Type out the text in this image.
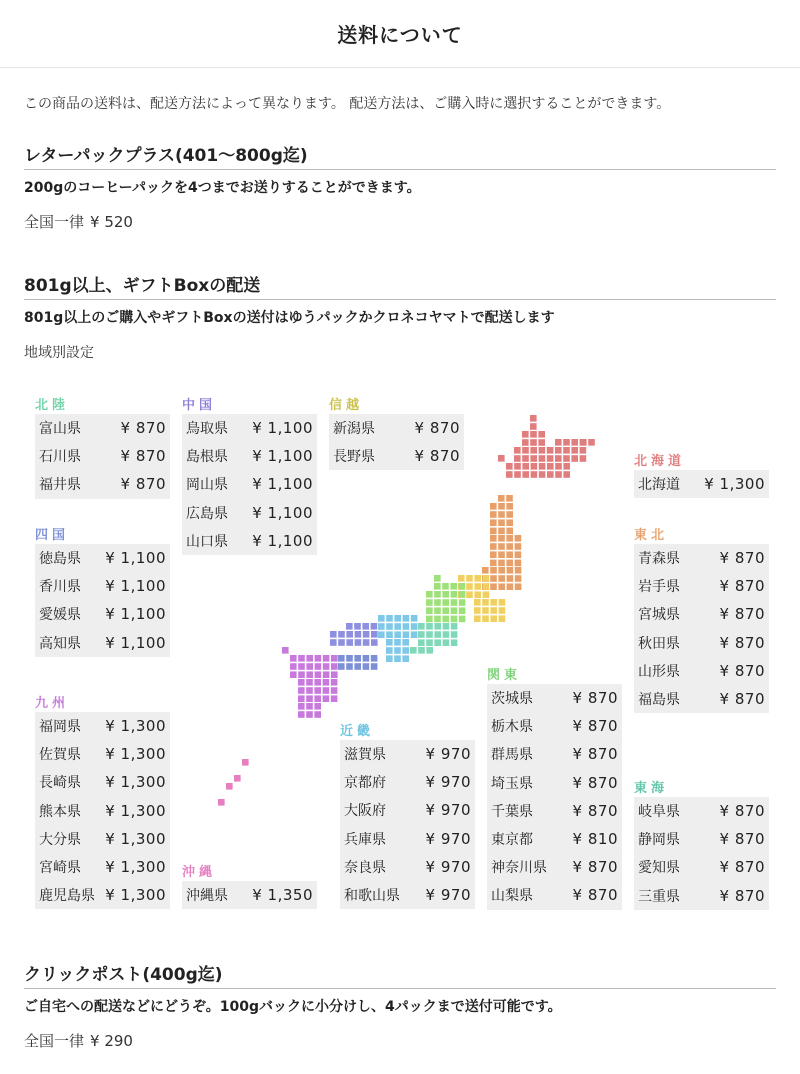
送料について
この商品の送料は、配送方法によって異なります。 配送方法は、ご購入時に選択することができます。
レターパックプラス(401〜800g迄)
200gのコーヒーパックを4つまでお送りすることができます。
全国一律 ¥ 520
801g以上、ギフトBoxの配送
801g以上のご購入やギフトBoxの送付はゆうパックかクロネコヤマトで配送します
地域別設定
北陸
富山県	¥ 870
石川県	¥ 870
福井県	¥ 870
四国
徳島県 ¥ 1,100
香川県 ¥ 1,100
愛媛県 ¥ 1,100
高知県 ¥ 1,100
九州
福岡県 ¥ 1,300
佐賀県 ¥ 1,300
長崎県 ¥ 1,300
熊本県 ¥ 1,300
大分県 ¥ 1,300
宮崎県 ¥ 1,300
鹿児島県 ¥ 1,300
中国
鳥取県 ¥ 1,100
島根県 ¥ 1,100
岡山県 ¥ 1,100
広島県 ¥ 1,100
山口県 ¥ 1,100
沖縄
沖縄県 ¥ 1,350
信越
新潟県	¥ 870
長野県	¥ 870
近畿
滋賀県	¥ 970
京都府	¥ 970
大阪府	¥ 970
兵庫県	¥ 970
奈良県	¥ 970
和歌山県 ¥ 970
関東
茨城県	¥ 870
栃木県	¥ 870
群馬県	¥ 870
埼玉県	¥ 870
千葉県	¥ 870
東京都	¥ 810
神奈川県 ¥ 870
山梨県	¥ 870
北海道
北海道 ¥ 1,300
東北
青森県	¥ 870
岩手県	¥ 870
宮城県	¥ 870
秋田県	¥ 870
山形県	¥ 870
福島県	¥ 870
東海
岐阜県	¥ 870
静岡県	¥ 870
愛知県	¥ 870
三重県	¥ 870
クリックポスト(400g迄)
ご自宅への配送などにどうぞ。100gバックに小分けし、4パックまで送付可能です。
全国一律 ¥ 290
